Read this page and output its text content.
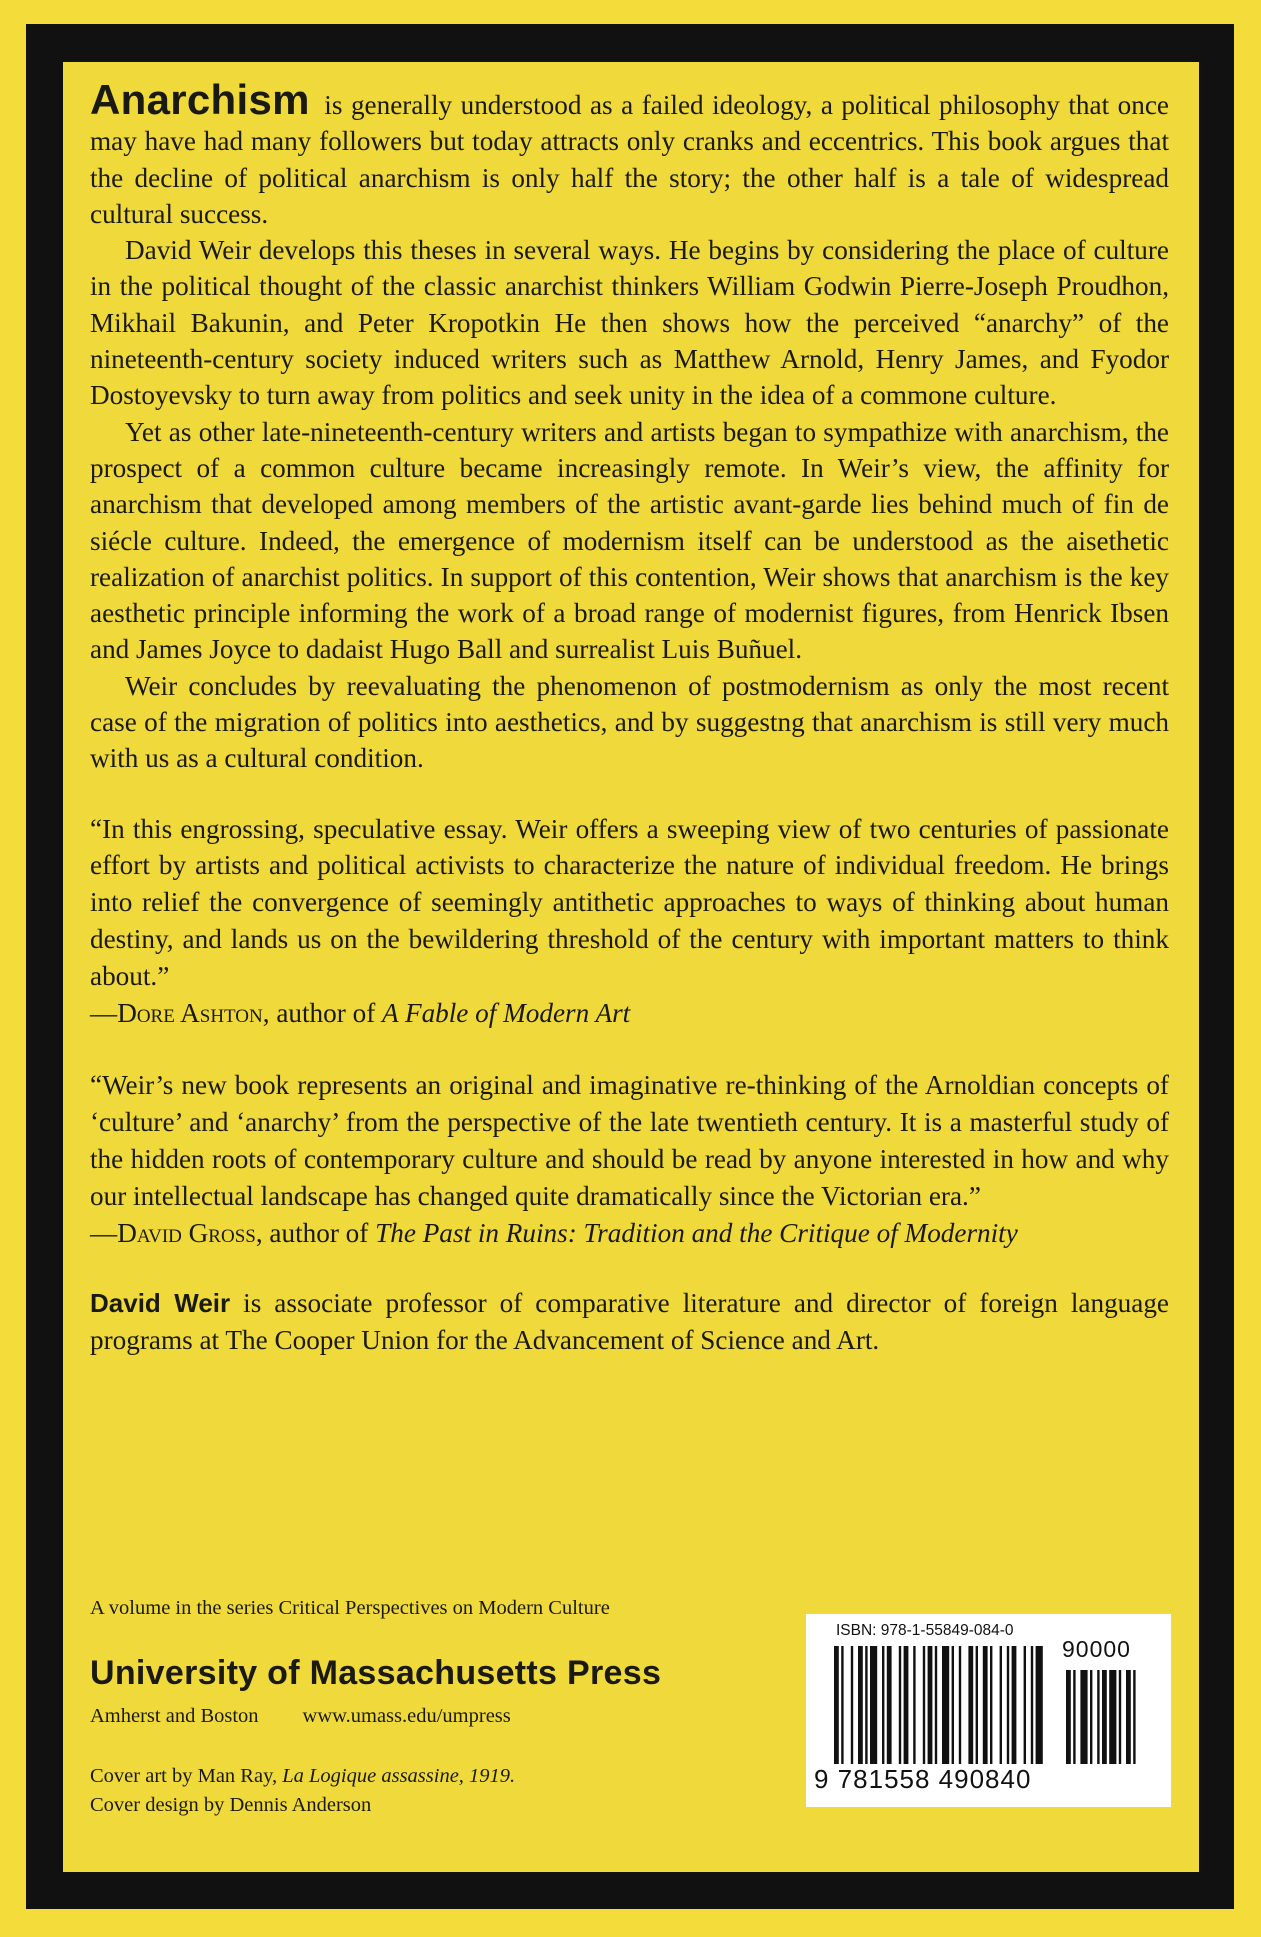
Anarchism is generally understood as a failed ideology, a political philosophy that once may have had many followers but today attracts only cranks and eccentrics. This book argues that the decline of political anarchism is only half the story; the other half is a tale of widespread cultural success.

David Weir develops this theses in several ways. He begins by considering the place of culture in the political thought of the classic anarchist thinkers William Godwin Pierre-Joseph Proudhon, Mikhail Bakunin, and Peter Kropotkin He then shows how the perceived “anarchy” of the nineteenth-century society induced writers such as Matthew Arnold, Henry James, and Fyodor Dostoyevsky to turn away from politics and seek unity in the idea of a commone culture.

Yet as other late-nineteenth-century writers and artists began to sympathize with anarchism, the prospect of a common culture became increasingly remote. In Weir’s view, the affinity for anarchism that developed among members of the artistic avant-garde lies behind much of fin de siécle culture. Indeed, the emergence of modernism itself can be understood as the aisethetic realization of anarchist politics. In support of this contention, Weir shows that anarchism is the key aesthetic principle informing the work of a broad range of modernist figures, from Henrick Ibsen and James Joyce to dadaist Hugo Ball and surrealist Luis Buñuel.

Weir concludes by reevaluating the phenomenon of postmodernism as only the most recent case of the migration of politics into aesthetics, and by suggestng that anarchism is still very much with us as a cultural condition.

“In this engrossing, speculative essay. Weir offers a sweeping view of two centuries of passionate effort by artists and political activists to characterize the nature of individual freedom. He brings into relief the convergence of seemingly antithetic approaches to ways of thinking about human destiny, and lands us on the bewildering threshold of the century with important matters to think about.”

—Dore Ashton, author of A Fable of Modern Art

“Weir’s new book represents an original and imaginative re-thinking of the Arnoldian concepts of ‘culture’ and ‘anarchy’ from the perspective of the late twentieth century. It is a masterful study of the hidden roots of contemporary culture and should be read by anyone interested in how and why our intellectual landscape has changed quite dramatically since the Victorian era.”

—David Gross, author of The Past in Ruins: Tradition and the Critique of Modernity

David Weir is associate professor of comparative literature and director of foreign language programs at The Cooper Union for the Advancement of Science and Art.

A volume in the series Critical Perspectives on Modern Culture
University of Massachusetts Press
Amherst and Boston www.umass.edu/umpress
Cover art by Man Ray, La Logique assassine, 1919.
Cover design by Dennis Anderson
ISBN: 978-1-55849-084-0
9 781558 490840
90000
